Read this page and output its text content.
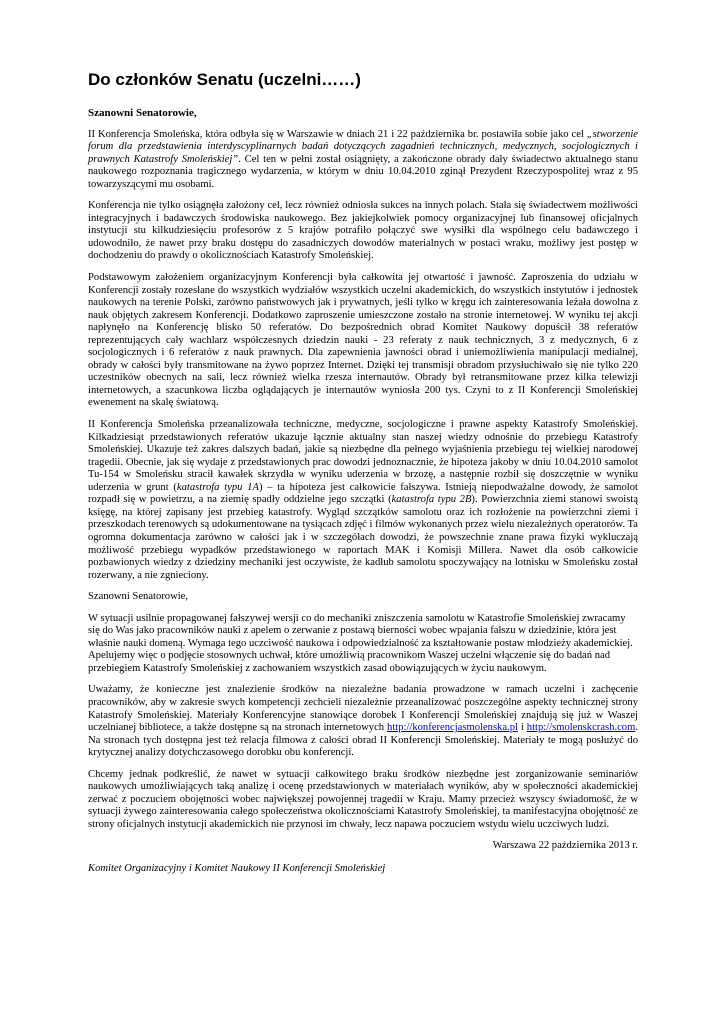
Do członków Senatu (uczelni……)
Szanowni Senatorowie,

II Konferencja Smoleńska, która odbyła się w Warszawie w dniach 21 i 22 października br. postawiła sobie jako cel „stworzenie forum dla przedstawienia interdyscyplinarnych badań dotyczących zagadnień technicznych, medycznych, socjologicznych i prawnych Katastrofy Smoleńskiej”. Cel ten w pełni został osiągnięty, a zakończone obrady dały świadectwo aktualnego stanu naukowego rozpoznania tragicznego wydarzenia, w którym w dniu 10.04.2010 zginął Prezydent Rzeczypospolitej wraz z 95 towarzyszącymi mu osobami.

Konferencja nie tylko osiągnęła założony cel, lecz również odniosła sukces na innych polach. Stała się świadectwem możliwości integracyjnych i badawczych środowiska naukowego. Bez jakiejkolwiek pomocy organizacyjnej lub finansowej oficjalnych instytucji stu kilkudziesięciu profesorów z 5 krajów potrafiło połączyć swe wysiłki dla wspólnego celu badawczego i udowodniło, że nawet przy braku dostępu do zasadniczych dowodów materialnych w postaci wraku, możliwy jest postęp w dochodzeniu do prawdy o okolicznościach Katastrofy Smoleńskiej.

Podstawowym założeniem organizacyjnym Konferencji była całkowita jej otwartość i jawność. Zaproszenia do udziału w Konferencji zostały rozesłane do wszystkich wydziałów wszystkich uczelni akademickich, do wszystkich instytutów i jednostek naukowych na terenie Polski, zarówno państwowych jak i prywatnych, jeśli tylko w kręgu ich zainteresowania leżała dowolna z nauk objętych zakresem Konferencji. Dodatkowo zaproszenie umieszczone zostało na stronie internetowej. W wyniku tej akcji napłynęło na Konferencję blisko 50 referatów. Do bezpośrednich obrad Komitet Naukowy dopuścił 38 referatów reprezentujących cały wachlarz współczesnych dziedzin nauki - 23 referaty z nauk technicznych, 3 z medycznych, 6 z socjologicznych i 6 referatów z nauk prawnych. Dla zapewnienia jawności obrad i uniemożliwienia manipulacji medialnej, obrady w całości były transmitowane na żywo poprzez Internet. Dzięki tej transmisji obradom przysłuchiwało się nie tylko 220 uczestników obecnych na sali, lecz również wielka rzesza internautów. Obrady był retransmitowane przez kilka telewizji internetowych, a szacunkowa liczba oglądających je internautów wyniosła 200 tys. Czyni to z II Konferencji Smoleńskiej ewenement na skalę światową.

II Konferencja Smoleńska przeanalizowała techniczne, medyczne, socjologiczne i prawne aspekty Katastrofy Smoleńskiej. Kilkadziesiąt przedstawionych referatów ukazuje łącznie aktualny stan naszej wiedzy odnośnie do przebiegu Katastrofy Smoleńskiej. Ukazuje też zakres dalszych badań, jakie są niezbędne dla pełnego wyjaśnienia przebiegu tej wielkiej narodowej tragedii. Obecnie, jak się wydaje z przedstawionych prac dowodzi jednoznacznie, że hipoteza jakoby w dniu 10.04.2010 samolot Tu-154 w Smoleńsku stracił kawałek skrzydła w wyniku uderzenia w brzozę, a następnie rozbił się doszczętnie w wyniku uderzenia w grunt (katastrofa typu 1A) – ta hipoteza jest całkowicie fałszywa. Istnieją niepodważalne dowody, że samolot rozpadł się w powietrzu, a na ziemię spadły oddzielne jego szczątki (katastrofa typu 2B). Powierzchnia ziemi stanowi swoistą księgę, na której zapisany jest przebieg katastrofy. Wygląd szczątków samolotu oraz ich rozłożenie na powierzchni ziemi i przeszkodach terenowych są udokumentowane na tysiącach zdjęć i filmów wykonanych przez wielu niezależnych operatorów. Ta ogromna dokumentacja zarówno w całości jak i w szczegółach dowodzi, że powszechnie znane prawa fizyki wykluczają możliwość przebiegu wypadków przedstawionego w raportach MAK i Komisji Millera. Nawet dla osób całkowicie pozbawionych wiedzy z dziedziny mechaniki jest oczywiste, że kadłub samolotu spoczywający na lotnisku w Smoleńsku został rozerwany, a nie zgnieciony.

Szanowni Senatorowie,

W sytuacji usilnie propagowanej fałszywej wersji co do mechaniki zniszczenia samolotu w Katastrofie Smoleńskiej zwracamy się do Was jako pracowników nauki z apelem o zerwanie z postawą bierności wobec wpajania fałszu w dziedzinie, która jest właśnie nauki domeną. Wymaga tego uczciwość naukowa i odpowiedzialność za kształtowanie postaw młodzieży akademickiej. Apelujemy więc o podjęcie stosownych uchwał, które umożliwią pracownikom Waszej uczelni włączenie się do badań nad przebiegiem Katastrofy Smoleńskiej z zachowaniem wszystkich zasad obowiązujących w życiu naukowym.

Uważamy, że konieczne jest znalezienie środków na niezależne badania prowadzone w ramach uczelni i zachęcenie pracowników, aby w zakresie swych kompetencji zechcieli niezależnie przeanalizować poszczególne aspekty technicznej strony Katastrofy Smoleńskiej. Materiały Konferencyjne stanowiące dorobek I Konferencji Smoleńskiej znajdują się już w Waszej uczelnianej bibliotece, a także dostępne są na stronach internetowych http://konferencjasmolenska.pl i http://smolenskcrash.com. Na stronach tych dostępna jest też relacja filmowa z całości obrad II Konferencji Smoleńskiej. Materiały te mogą posłużyć do krytycznej analizy dotychczasowego dorobku obu konferencji.

Chcemy jednak podkreślić, że nawet w sytuacji całkowitego braku środków niezbędne jest zorganizowanie seminariów naukowych umożliwiających taką analizę i ocenę przedstawionych w materiałach wyników, aby w społeczności akademickiej zerwać z poczuciem obojętności wobec największej powojennej tragedii w Kraju. Mamy przecież wszyscy świadomość, że w sytuacji żywego zainteresowania całego społeczeństwa okolicznościami Katastrofy Smoleńskiej, ta manifestacyjna obojętność ze strony oficjalnych instytucji akademickich nie przynosi im chwały, lecz napawa poczuciem wstydu wielu uczciwych ludzi.

Warszawa 22 października 2013 r.
Komitet Organizacyjny i Komitet Naukowy II Konferencji Smoleńskiej
